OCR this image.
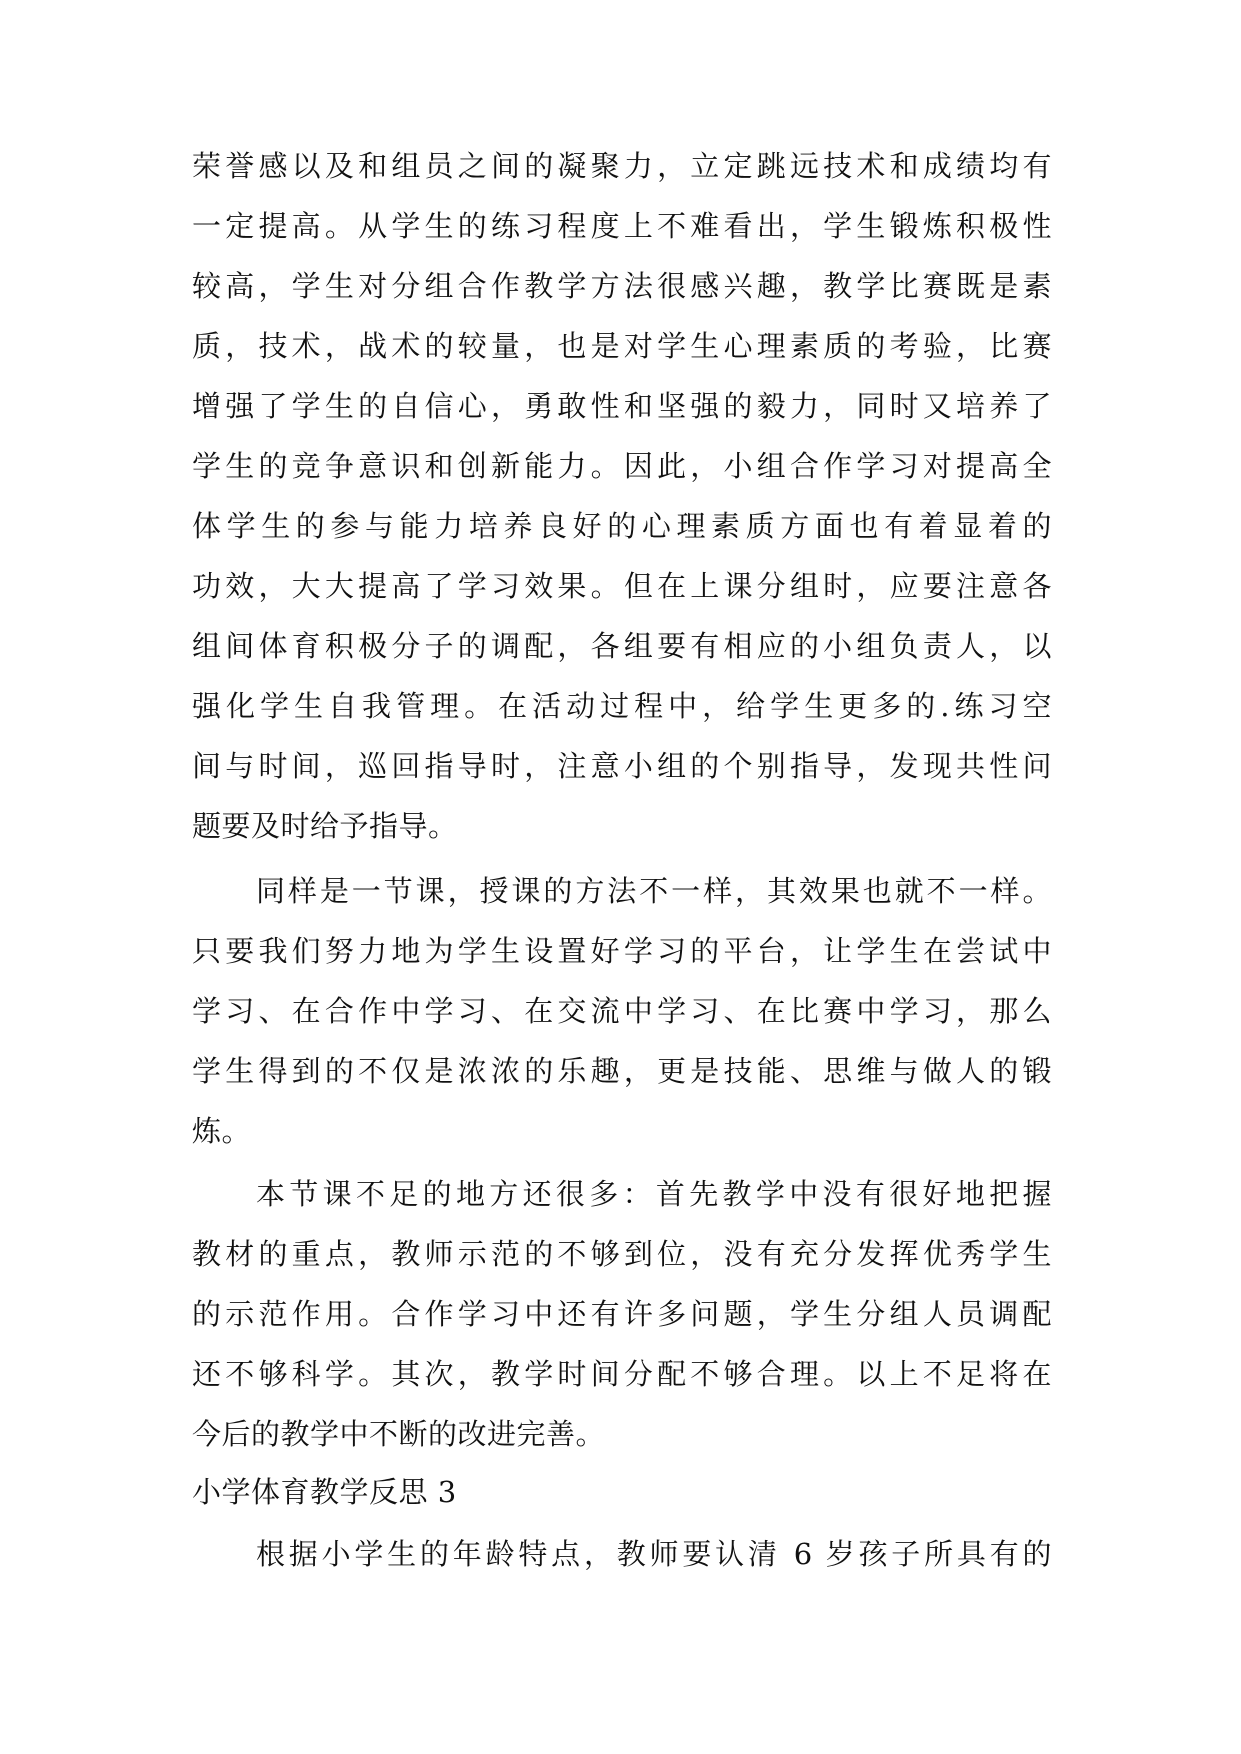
荣誉感以及和组员之间的凝聚力，立定跳远技术和成绩均有
一定提高。从学生的练习程度上不难看出，学生锻炼积极性
较高，学生对分组合作教学方法很感兴趣，教学比赛既是素
质，技术，战术的较量，也是对学生心理素质的考验，比赛
增强了学生的自信心，勇敢性和坚强的毅力，同时又培养了
学生的竞争意识和创新能力。因此，小组合作学习对提高全
体学生的参与能力培养良好的心理素质方面也有着显着的
功效，大大提高了学习效果。但在上课分组时，应要注意各
组间体育积极分子的调配，各组要有相应的小组负责人，以
强化学生自我管理。在活动过程中，给学生更多的.练习空
间与时间，巡回指导时，注意小组的个别指导，发现共性问
题要及时给予指导。
同样是一节课，授课的方法不一样，其效果也就不一样。
只要我们努力地为学生设置好学习的平台，让学生在尝试中
学习、在合作中学习、在交流中学习、在比赛中学习，那么
学生得到的不仅是浓浓的乐趣，更是技能、思维与做人的锻
炼。
本节课不足的地方还很多：首先教学中没有很好地把握
教材的重点，教师示范的不够到位，没有充分发挥优秀学生
的示范作用。合作学习中还有许多问题，学生分组人员调配
还不够科学。其次，教学时间分配不够合理。以上不足将在
今后的教学中不断的改进完善。
小学体育教学反思 3
根据小学生的年龄特点，教师要认清 6 岁孩子所具有的
